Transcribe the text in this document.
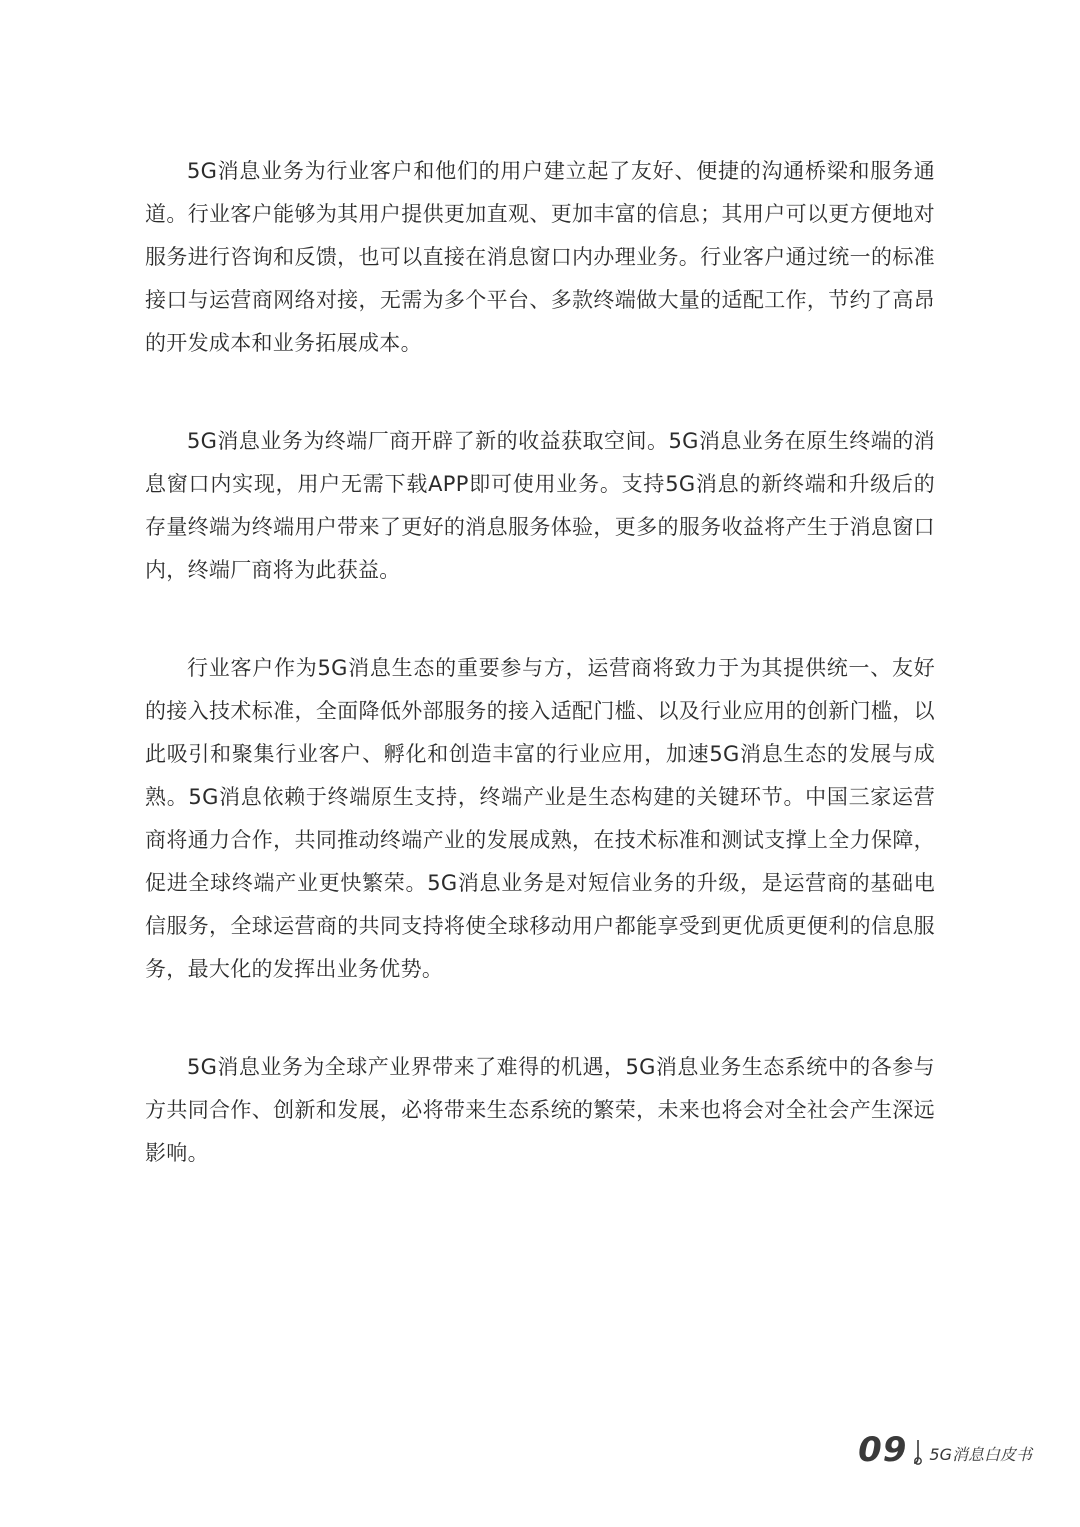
5G消息业务为行业客户和他们的用户建立起了友好、便捷的沟通桥梁和服务通道。行业客户能够为其用户提供更加直观、更加丰富的信息；其用户可以更方便地对服务进行咨询和反馈，也可以直接在消息窗口内办理业务。行业客户通过统一的标准接口与运营商网络对接，无需为多个平台、多款终端做大量的适配工作，节约了高昂的开发成本和业务拓展成本。

5G消息业务为终端厂商开辟了新的收益获取空间。5G消息业务在原生终端的消息窗口内实现，用户无需下载APP即可使用业务。支持5G消息的新终端和升级后的存量终端为终端用户带来了更好的消息服务体验，更多的服务收益将产生于消息窗口内，终端厂商将为此获益。

行业客户作为5G消息生态的重要参与方，运营商将致力于为其提供统一、友好的接入技术标准，全面降低外部服务的接入适配门槛、以及行业应用的创新门槛，以此吸引和聚集行业客户、孵化和创造丰富的行业应用，加速5G消息生态的发展与成熟。5G消息依赖于终端原生支持，终端产业是生态构建的关键环节。中国三家运营商将通力合作，共同推动终端产业的发展成熟，在技术标准和测试支撑上全力保障，促进全球终端产业更快繁荣。5G消息业务是对短信业务的升级，是运营商的基础电信服务，全球运营商的共同支持将使全球移动用户都能享受到更优质更便利的信息服务，最大化的发挥出业务优势。

5G消息业务为全球产业界带来了难得的机遇，5G消息业务生态系统中的各参与方共同合作、创新和发展，必将带来生态系统的繁荣，未来也将会对全社会产生深远影响。

09 5G消息白皮书
